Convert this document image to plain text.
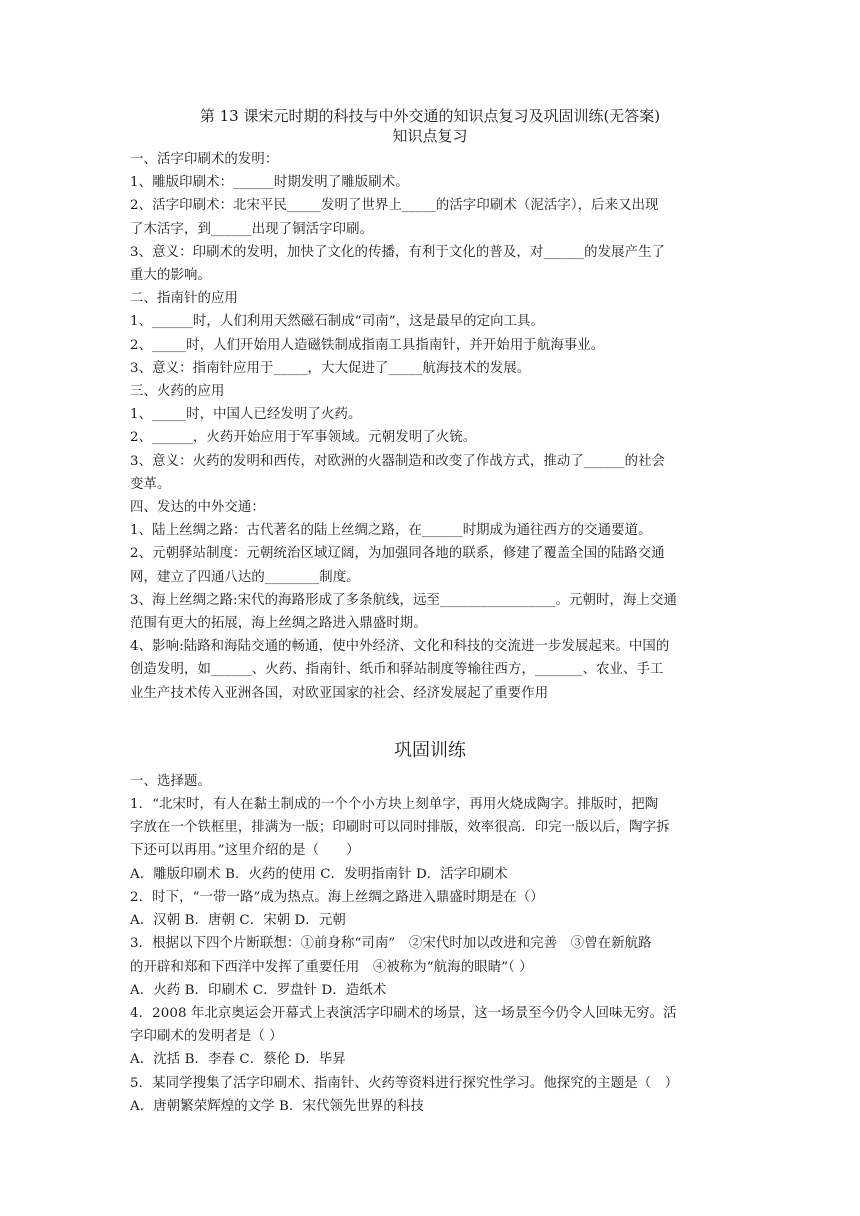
第 13 课宋元时期的科技与中外交通的知识点复习及巩固训练(无答案)

知识点复习

一、活字印刷术的发明：

1、雕版印刷术：______时期发明了雕版刷术。

2、活字印刷术：北宋平民_____发明了世界上_____的活字印刷术（泥活字），后来又出现

了木活字，到______出现了铜活字印刷。

3、意义：印刷术的发明，加快了文化的传播，有利于文化的普及，对______的发展产生了

重大的影响。

二、指南针的应用

1、______时，人们利用天然磁石制成“司南”，这是最早的定向工具。

2、_____时，人们开始用人造磁铁制成指南工具指南针，并开始用于航海事业。

3、意义：指南针应用于_____，大大促进了_____航海技术的发展。

三、火药的应用

1、_____时，中国人已经发明了火药。

2、______，火药开始应用于军事领域。元朝发明了火铳。

3、意义：火药的发明和西传，对欧洲的火器制造和改变了作战方式，推动了______的社会

变革。

四、发达的中外交通：

1、陆上丝绸之路：古代著名的陆上丝绸之路，在______时期成为通往西方的交通要道。

2、元朝驿站制度：元朝统治区域辽阔，为加强同各地的联系，修建了覆盖全国的陆路交通

网，建立了四通八达的________制度。

3、海上丝绸之路:宋代的海路形成了多条航线，远至_________________。元朝时，海上交通

范围有更大的拓展，海上丝绸之路进入鼎盛时期。

4、影响:陆路和海陆交通的畅通，使中外经济、文化和科技的交流进一步发展起来。中国的

创造发明，如______、火药、指南针、纸币和驿站制度等输往西方，_______、农业、手工

业生产技术传入亚洲各国，对欧亚国家的社会、经济发展起了重要作用

巩固训练

一、选择题。

1．“北宋时，有人在黏土制成的一个个小方块上刻单字，再用火烧成陶字。排版时，把陶

字放在一个铁框里，排满为一版；印刷时可以同时排版，效率很高．印完一版以后，陶字拆

下还可以再用。”这里介绍的是（　　）

A．雕版印刷术 B．火药的使用 C．发明指南针 D．活字印刷术

2．时下，“一带一路”成为热点。海上丝绸之路进入鼎盛时期是在（）

A．汉朝 B．唐朝 C．宋朝 D．元朝

3．根据以下四个片断联想：①前身称“司南”　②宋代时加以改进和完善　③曾在新航路

的开辟和郑和下西洋中发挥了重要任用　④被称为“航海的眼睛”（ ）

A．火药 B．印刷术 C．罗盘针 D．造纸术

4．2008 年北京奥运会开幕式上表演活字印刷术的场景，这一场景至今仍令人回味无穷。活

字印刷术的发明者是（ ）

A．沈括 B．李春 C．蔡伦 D．毕昇

5．某同学搜集了活字印刷术、指南针、火药等资料进行探究性学习。他探究的主题是（　）

A．唐朝繁荣辉煌的文学 B．宋代领先世界的科技
